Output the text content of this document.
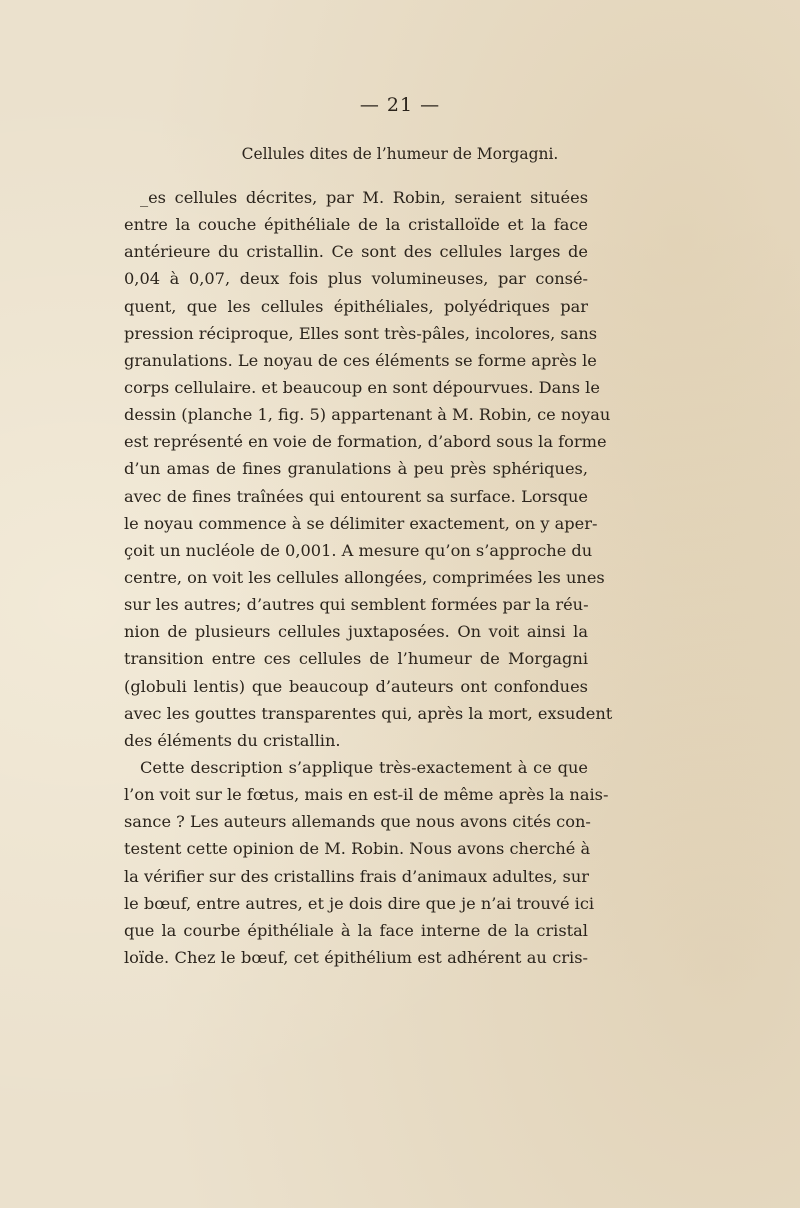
— 21 —
Cellules dites de l’humeur de Morgagni.
_es cellules décrites, par M. Robin, seraient situées
entre la couche épithéliale de la cristalloïde et la face
antérieure du cristallin. Ce sont des cellules larges de
0,04 à 0,07, deux fois plus volumineuses, par consé-
quent, que les cellules épithéliales, polyédriques par
pression réciproque, Elles sont très-pâles, incolores, sans
granulations. Le noyau de ces éléments se forme après le
corps cellulaire. et beaucoup en sont dépourvues. Dans le
dessin (planche 1, fig. 5) appartenant à M. Robin, ce noyau
est représenté en voie de formation, d’abord sous la forme
d’un amas de fines granulations à peu près sphériques,
avec de fines traînées qui entourent sa surface. Lorsque
le noyau commence à se délimiter exactement, on y aper-
çoit un nucléole de 0,001. A mesure qu’on s’approche du
centre, on voit les cellules allongées, comprimées les unes
sur les autres; d’autres qui semblent formées par la réu-
nion de plusieurs cellules juxtaposées. On voit ainsi la
transition entre ces cellules de l’humeur de Morgagni
(globuli lentis) que beaucoup d’auteurs ont confondues
avec les gouttes transparentes qui, après la mort, exsudent
des éléments du cristallin.
Cette description s’applique très-exactement à ce que
l’on voit sur le fœtus, mais en est-il de même après la nais-
sance ? Les auteurs allemands que nous avons cités con-
testent cette opinion de M. Robin. Nous avons cherché à
la vérifier sur des cristallins frais d’animaux adultes, sur
le bœuf, entre autres, et je dois dire que je n’ai trouvé ici
que la courbe épithéliale à la face interne de la cristal
loïde. Chez le bœuf, cet épithélium est adhérent au cris-
